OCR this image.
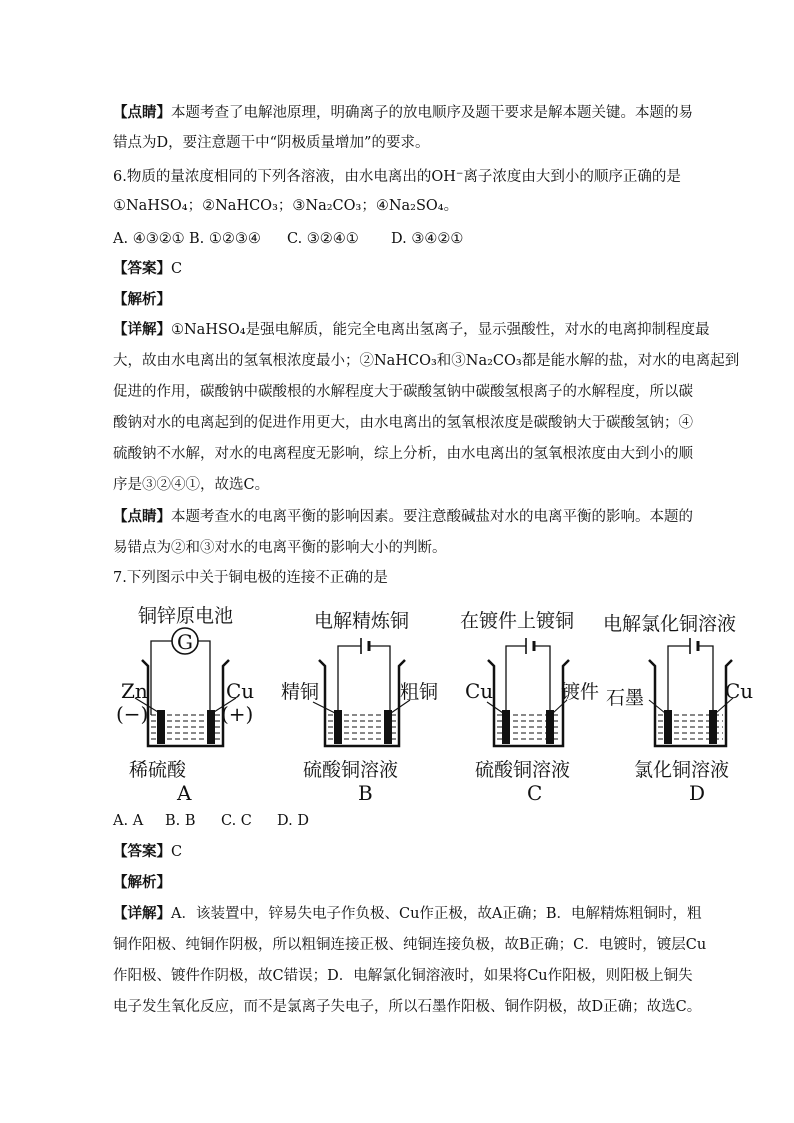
【点睛】本题考查了电解池原理，明确离子的放电顺序及题干要求是解本题关键。本题的易
错点为D，要注意题干中“阴极质量增加”的要求。
6.物质的量浓度相同的下列各溶液，由水电离出的OH−离子浓度由大到小的顺序正确的是
①NaHSO₄；②NaHCO₃；③Na₂CO₃；④Na₂SO₄。
A. ④③②① B. ①②③④ C. ③②④① D. ③④②①
【答案】C
【解析】
【详解】①NaHSO₄是强电解质，能完全电离出氢离子，显示强酸性，对水的电离抑制程度最
大，故由水电离出的氢氧根浓度最小；②NaHCO₃和③Na₂CO₃都是能水解的盐，对水的电离起到
促进的作用，碳酸钠中碳酸根的水解程度大于碳酸氢钠中碳酸氢根离子的水解程度，所以碳
酸钠对水的电离起到的促进作用更大，由水电离出的氢氧根浓度是碳酸钠大于碳酸氢钠；④
硫酸钠不水解，对水的电离程度无影响，综上分析，由水电离出的氢氧根浓度由大到小的顺
序是③②④①，故选C。
【点睛】本题考查水的电离平衡的影响因素。要注意酸碱盐对水的电离平衡的影响。本题的
易错点为②和③对水的电离平衡的影响大小的判断。
7.下列图示中关于铜电极的连接不正确的是
铜锌原电池
G
Zn
(−)
Cu
(+)
稀硫酸
A
电解精炼铜
精铜	粗铜
硫酸铜溶液
B
在镀件上镀铜
Cu	镀件
硫酸铜溶液
C
电解氯化铜溶液
石墨	Cu
氯化铜溶液
D
A. A B. B C. C D. D
【答案】C
【解析】
【详解】A．该装置中，锌易失电子作负极、Cu作正极，故A正确；B．电解精炼粗铜时，粗
铜作阳极、纯铜作阴极，所以粗铜连接正极、纯铜连接负极，故B正确；C．电镀时，镀层Cu
作阳极、镀件作阴极，故C错误；D．电解氯化铜溶液时，如果将Cu作阳极，则阳极上铜失
电子发生氧化反应，而不是氯离子失电子，所以石墨作阳极、铜作阴极，故D正确；故选C。
